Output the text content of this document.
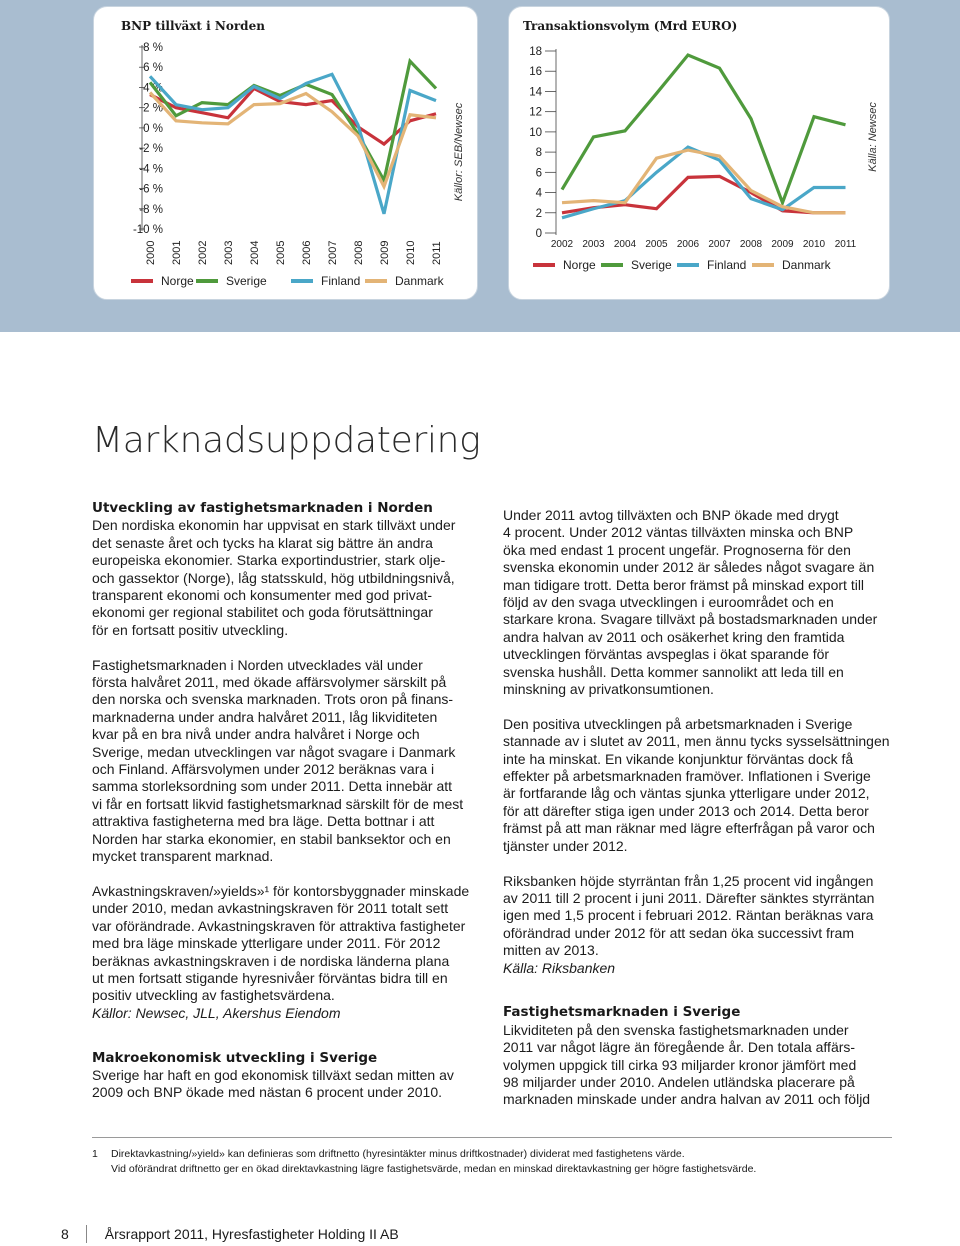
BNP tillväxt i Norden
8 %
6 %
4 %
2 %
0 %
-2 %
-4 %
-6 %
-8 %
-10 %
2000 2001 2002 2003 2004 2005 2006 2007 2008 2009 2010 2011
Norge	Sverige	Finland	Danmark
Källor: SEB/Newsec
Transaktionsvolym (Mrd EURO)
18
16
14
12
10
8
6
4
2
0
2002 2003 2004 2005 2006 2007 2008 2009 2010 2011
Norge	Sverige	Finland	Danmark
Källa: Newsec
Marknadsuppdatering
Utveckling av fastighetsmarknaden i Norden

Den nordiska ekonomin har uppvisat en stark tillväxt under
det senaste året och tycks ha klarat sig bättre än andra
europeiska ekonomier. Starka exportindustrier, stark olje-
och gassektor (Norge), låg statsskuld, hög utbildningsnivå,
transparent ekonomi och konsumenter med god privat-
ekonomi ger regional stabilitet och goda förutsättningar
för en fortsatt positiv utveckling.

Fastighetsmarknaden i Norden utvecklades väl under
första halvåret 2011, med ökade affärsvolymer särskilt på
den norska och svenska marknaden. Trots oron på finans-
marknaderna under andra halvåret 2011, låg likviditeten
kvar på en bra nivå under andra halvåret i Norge och
Sverige, medan utvecklingen var något svagare i Danmark
och Finland. Affärsvolymen under 2012 beräknas vara i
samma storleksordning som under 2011. Detta innebär att
vi får en fortsatt likvid fastighetsmarknad särskilt för de mest
attraktiva fastigheterna med bra läge. Detta bottnar i att
Norden har starka ekonomier, en stabil banksektor och en
mycket transparent marknad.

Avkastningskraven/»yields»¹ för kontorsbyggnader minskade
under 2010, medan avkastningskraven för 2011 totalt sett
var oförändrade. Avkastningskraven för attraktiva fastigheter
med bra läge minskade ytterligare under 2011. För 2012
beräknas avkastningskraven i de nordiska länderna plana
ut men fortsatt stigande hyresnivåer förväntas bidra till en
positiv utveckling av fastighetsvärdena.

Källor: Newsec, JLL, Akershus Eiendom

Makroekonomisk utveckling i Sverige

Sverige har haft en god ekonomisk tillväxt sedan mitten av
2009 och BNP ökade med nästan 6 procent under 2010.

Under 2011 avtog tillväxten och BNP ökade med drygt
4 procent. Under 2012 väntas tillväxten minska och BNP
öka med endast 1 procent ungefär. Prognoserna för den
svenska ekonomin under 2012 är således något svagare än
man tidigare trott. Detta beror främst på minskad export till
följd av den svaga utvecklingen i euroområdet och en
starkare krona. Svagare tillväxt på bostadsmarknaden under
andra halvan av 2011 och osäkerhet kring den framtida
utvecklingen förväntas avspeglas i ökat sparande för
svenska hushåll. Detta kommer sannolikt att leda till en
minskning av privatkonsumtionen.

Den positiva utvecklingen på arbetsmarknaden i Sverige
stannade av i slutet av 2011, men ännu tycks sysselsättningen
inte ha minskat. En vikande konjunktur förväntas dock få
effekter på arbetsmarknaden framöver. Inflationen i Sverige
är fortfarande låg och väntas sjunka ytterligare under 2012,
för att därefter stiga igen under 2013 och 2014. Detta beror
främst på att man räknar med lägre efterfrågan på varor och
tjänster under 2012.

Riksbanken höjde styrräntan från 1,25 procent vid ingången
av 2011 till 2 procent i juni 2011. Därefter sänktes styrräntan
igen med 1,5 procent i februari 2012. Räntan beräknas vara
oförändrad under 2012 för att sedan öka successivt fram
mitten av 2013.

Källa: Riksbanken

Fastighetsmarknaden i Sverige

Likviditeten på den svenska fastighetsmarknaden under
2011 var något lägre än föregående år. Den totala affärs-
volymen uppgick till cirka 93 miljarder kronor jämfört med
98 miljarder under 2010. Andelen utländska placerare på
marknaden minskade under andra halvan av 2011 och följd

1 Direktavkastning/»yield» kan definieras som driftnetto (hyresintäkter minus driftkostnader) dividerat med fastighetens värde.
Vid oförändrat driftnetto ger en ökad direktavkastning lägre fastighetsvärde, medan en minskad direktavkastning ger högre fastighetsvärde.
8	Årsrapport 2011, Hyresfastigheter Holding II AB
